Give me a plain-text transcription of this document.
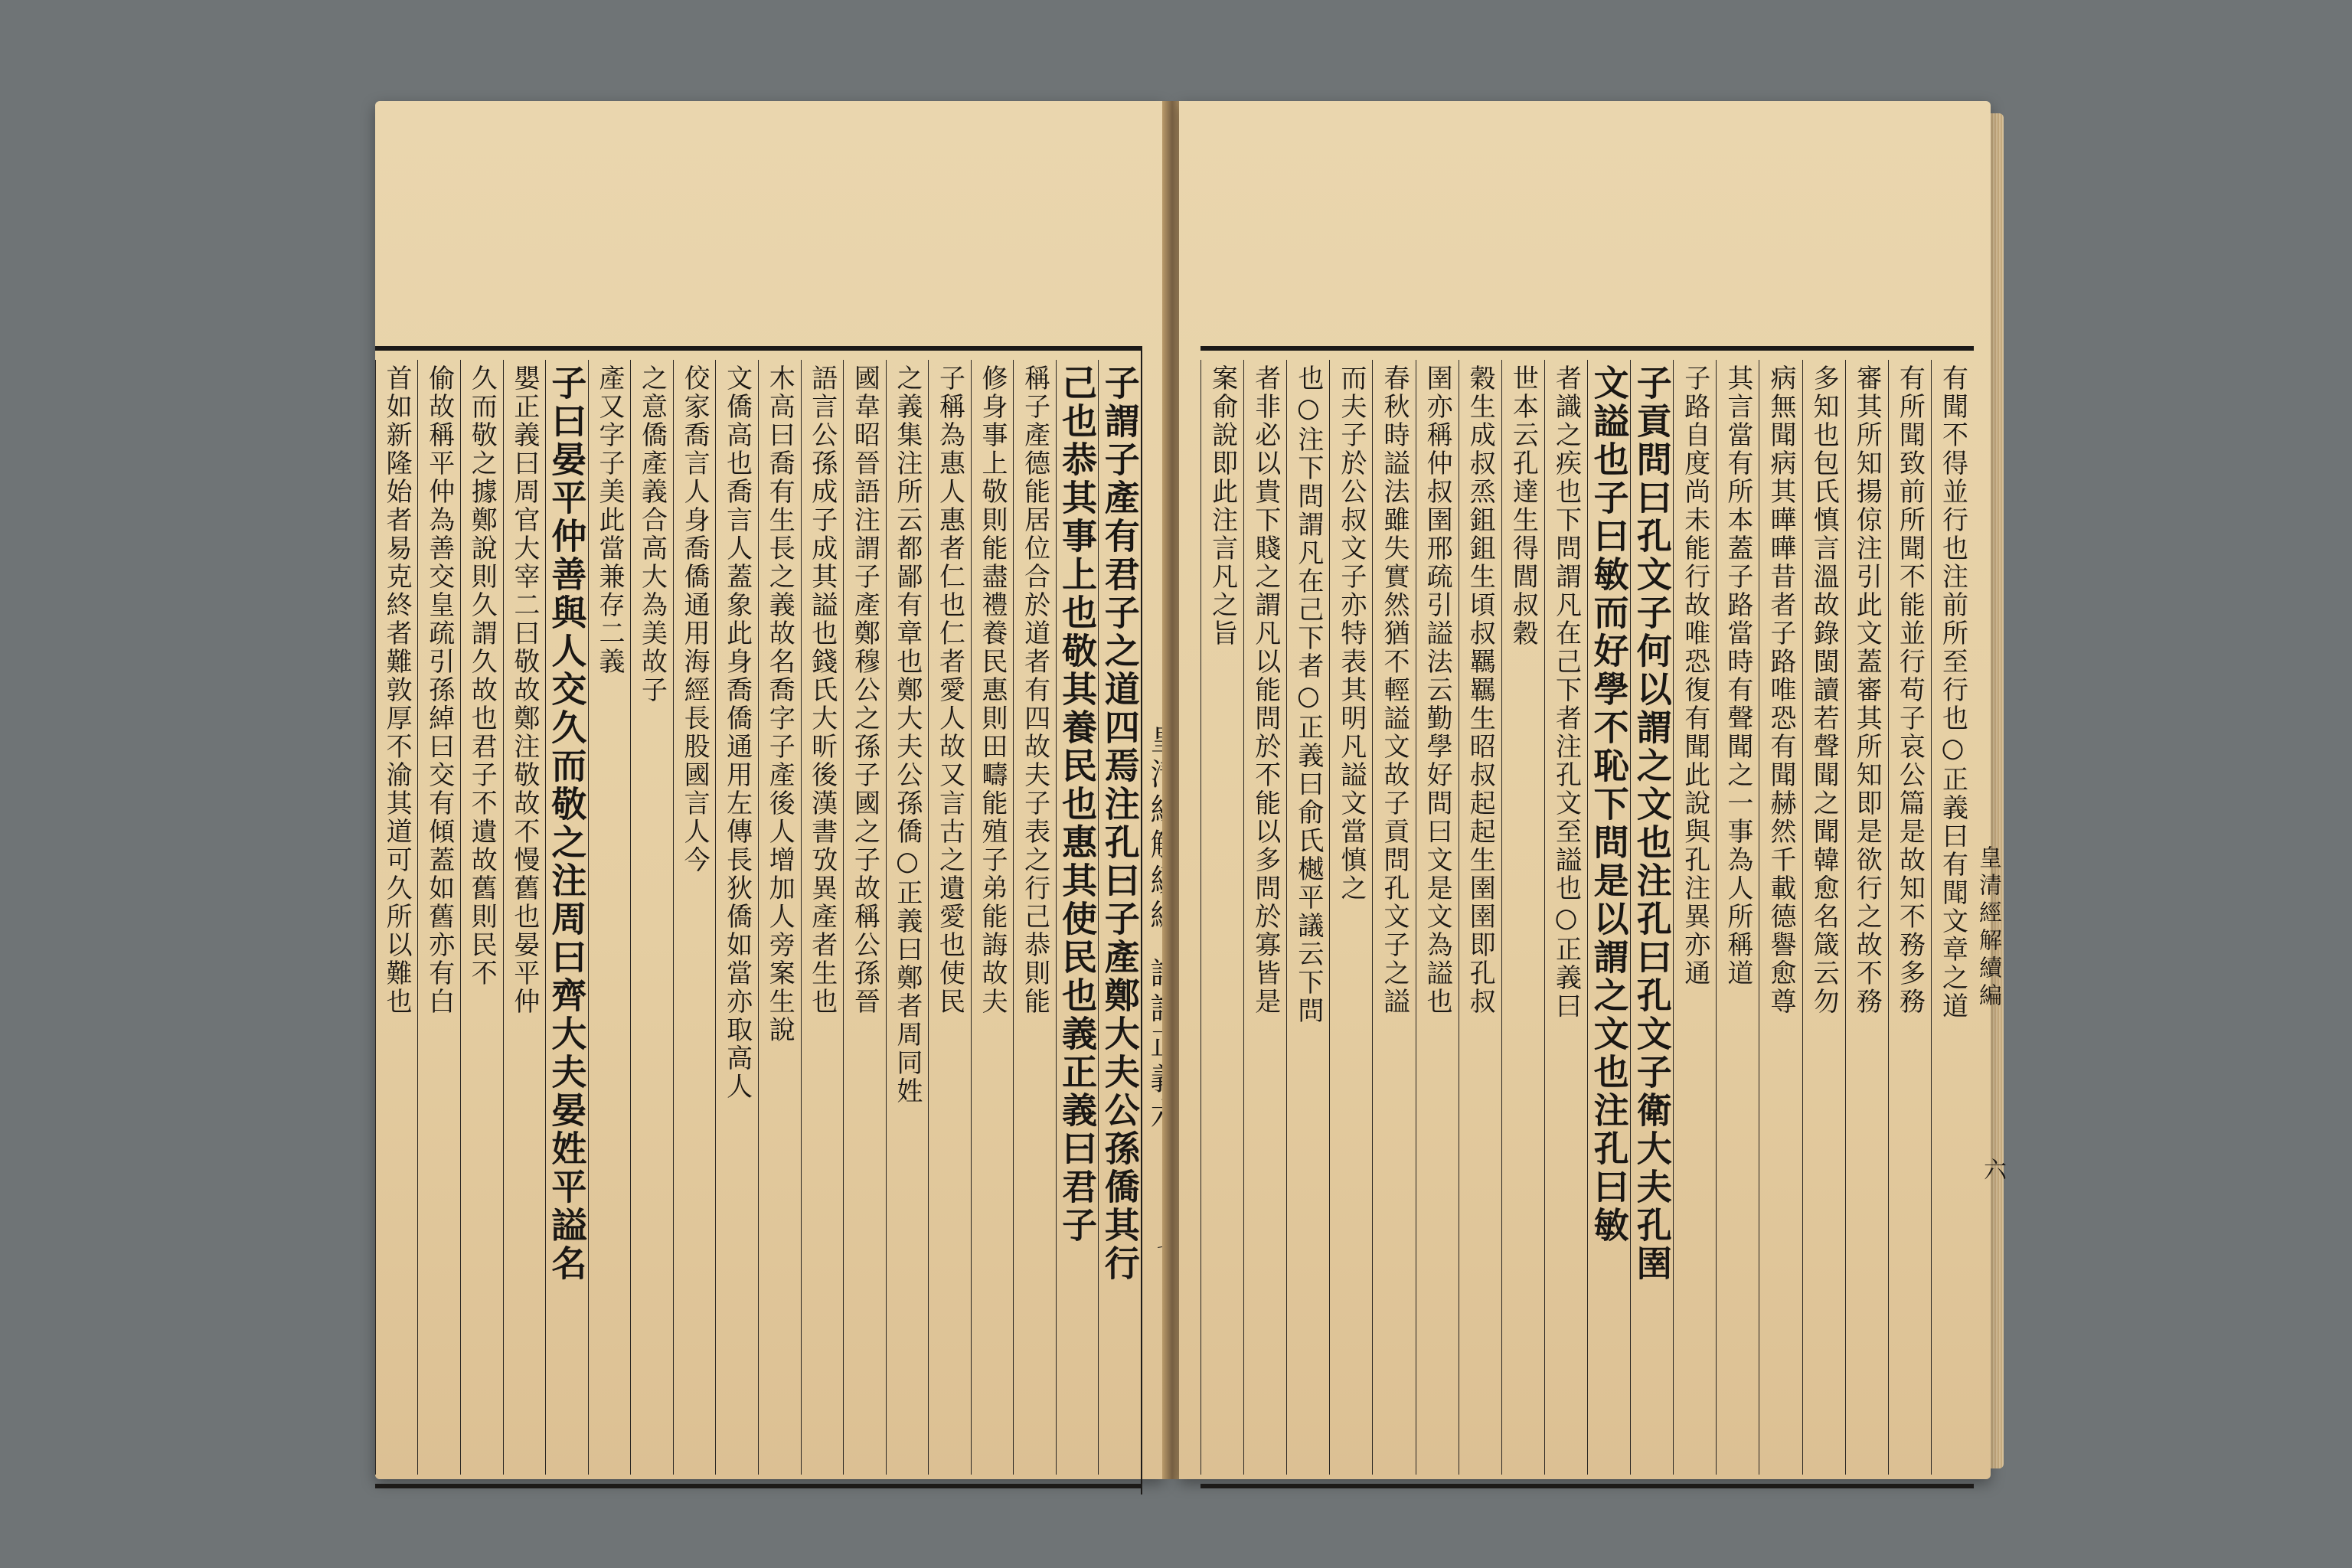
子謂子產有君子之道四焉注孔曰子產鄭大夫公孫僑其行
己也恭其事上也敬其養民也惠其使民也義正義曰君子
稱子產德能居位合於道者有四故夫子表之行己恭則能
修身事上敬則能盡禮養民惠則田疇能殖子弟能誨故夫
子稱為惠人惠者仁也仁者愛人故又言古之遺愛也使民
之義集注所云都鄙有章也鄭大夫公孫僑○正義曰鄭者周同姓
國韋昭晉語注謂子產鄭穆公之孫子國之子故稱公孫晉
語言公孫成子成其謚也錢氏大昕後漢書攷異產者生也
木高曰喬有生長之義故名喬字子產後人增加人旁案生說
文僑高也喬言人蓋象此身喬僑通用左傳長狄僑如當亦取高人
佼家喬言人身喬僑通用海經長股國言人今
之意僑產義合高大為美故子
產又字子美此當兼存二義
子曰晏平仲善與人交久而敬之注周曰齊大夫晏姓平謚名
嬰正義曰周官大宰二曰敬故鄭注敬故不慢舊也晏平仲
久而敬之據鄭說則久謂久故也君子不遺故舊則民不
偷故稱平仲為善交皇疏引孫綽曰交有傾蓋如舊亦有白
首如新隆始者易克終者難敦厚不渝其道可久所以難也	皇清經解續編
六
有聞不得並行也注前所至行也○正義曰有聞文章之道
有所聞致前所聞不能並行苟子哀公篇是故知不務多務
審其所知揚倞注引此文蓋審其所知即是欲行之故不務
多知也包氏慎言溫故錄閩讀若聲聞之聞韓愈名箴云勿
病無聞病其曄曄昔者子路唯恐有聞赫然千載德譽愈尊
其言當有所本蓋子路當時有聲聞之一事為人所稱道
子路自度尚未能行故唯恐復有聞此說與孔注異亦通
子貢問曰孔文子何以謂之文也注孔曰孔文子衛大夫孔圉
文謚也子曰敏而好學不恥下問是以謂之文也注孔曰敏
者識之疾也下問謂凡在己下者注孔文至謚也○正義曰
世本云孔達生得閭叔穀
穀生成叔烝鉏鉏生頃叔羈羈生昭叔起起生圉圉即孔叔
圉亦稱仲叔圉邢疏引謚法云勤學好問曰文是文為謚也
春秋時謚法雖失實然猶不輕謚文故子貢問孔文子之謚
而夫子於公叔文子亦特表其明凡謚文當慎之
也○注下問謂凡在己下者○正義曰俞氏樾平議云下問
者非必以貴下賤之謂凡以能問於不能以多問於寡皆是
案俞說即此注言凡之旨
